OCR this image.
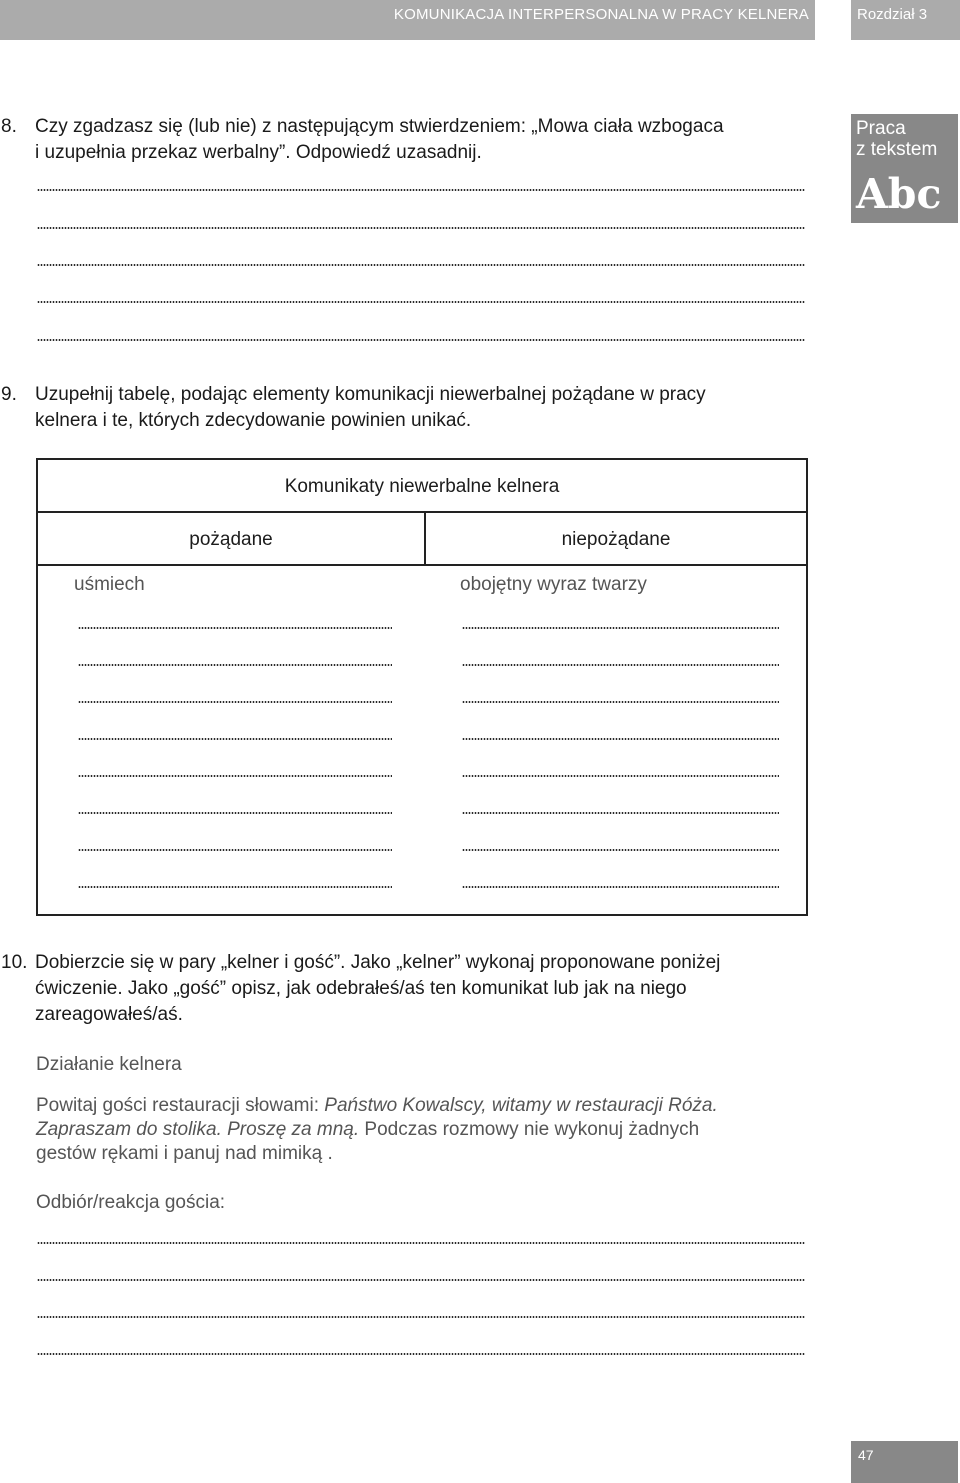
KOMUNIKACJA INTERPERSONALNA W PRACY KELNERA	Rozdział 3
Praca
z tekstem
Abc
8. Czy zgadzasz się (lub nie) z następującym stwierdzeniem: „Mowa ciała wzbogaca
i uzupełnia przekaz werbalny”. Odpowiedź uzasadnij.
9. Uzupełnij tabelę, podając elementy komunikacji niewerbalnej pożądane w pracy
kelnera i te, których zdecydowanie powinien unikać.
Komunikaty niewerbalne kelnera
pożądane	niepożądane
uśmiech	obojętny wyraz twarzy
10. Dobierzcie się w pary „kelner i gość”. Jako „kelner” wykonaj proponowane poniżej
ćwiczenie. Jako „gość” opisz, jak odebrałeś/aś ten komunikat lub jak na niego
zareagowałeś/aś.
Działanie kelnera
Powitaj gości restauracji słowami: Państwo Kowalscy, witamy w restauracji Róża.
Zapraszam do stolika. Proszę za mną. Podczas rozmowy nie wykonuj żadnych
gestów rękami i panuj nad mimiką .
Odbiór/reakcja gościa:
47
